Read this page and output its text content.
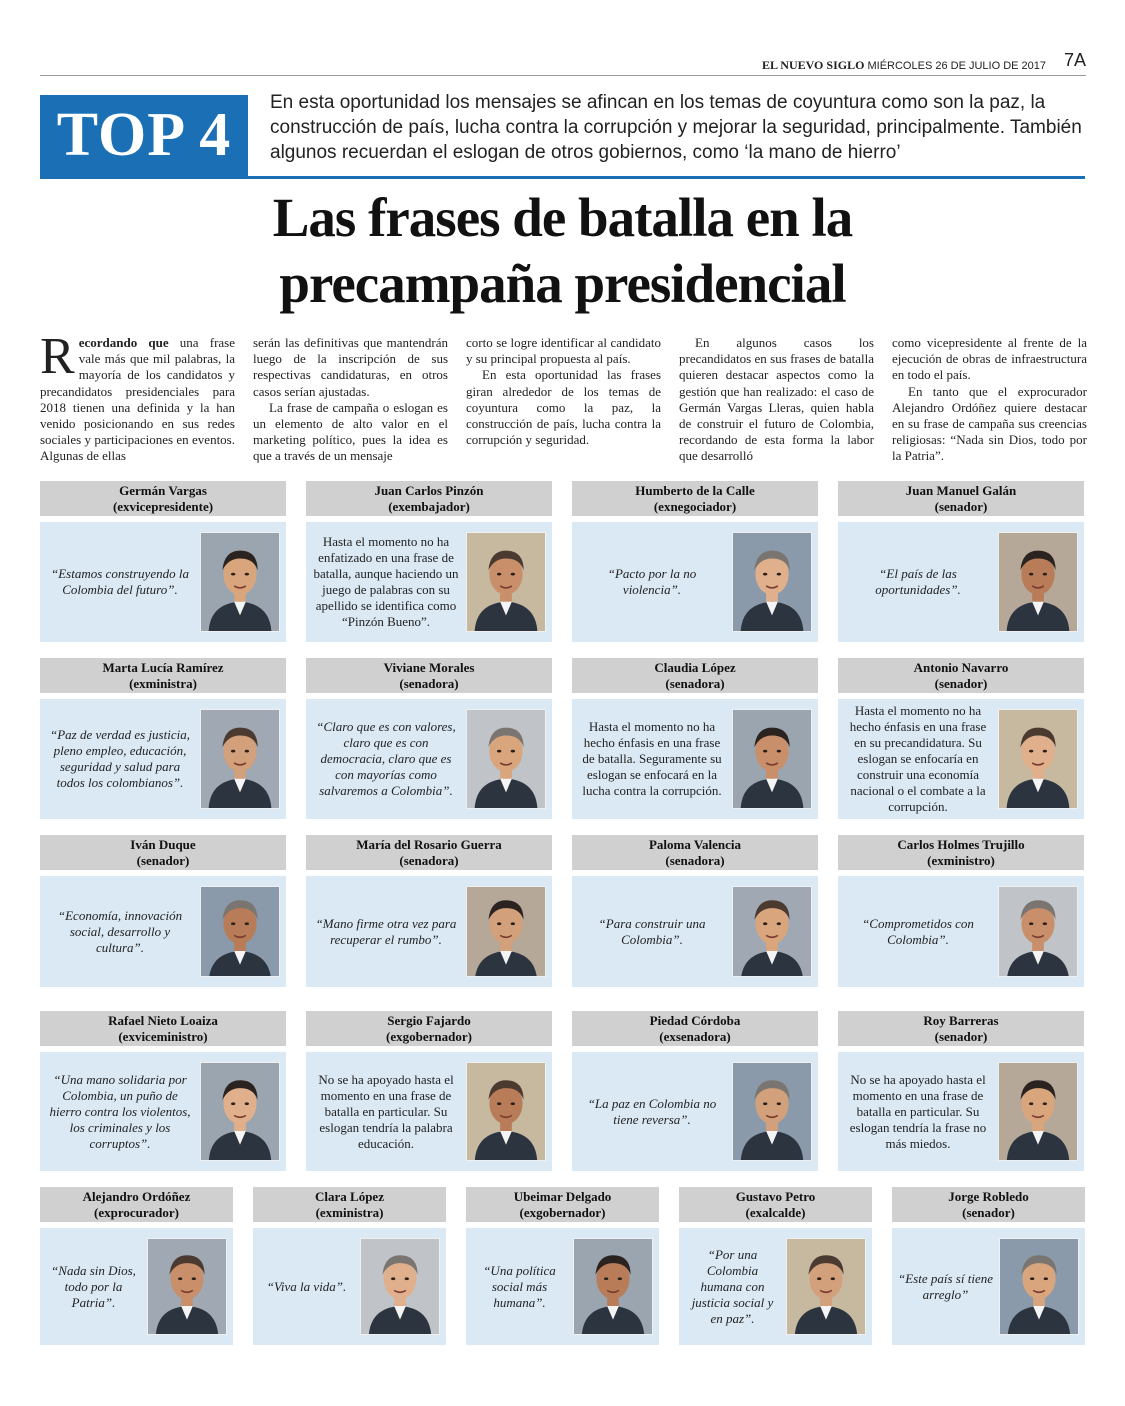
EL NUEVO SIGLO MIÉRCOLES 26 DE JULIO DE 2017 7A
TOP 4	En esta oportunidad los mensajes se afincan en los temas de coyuntura como son la paz, la construcción de país, lucha contra la corrupción y mejorar la seguridad, principalmente. También algunos recuerdan el eslogan de otros gobiernos, como ‘la mano de hierro’
Las frases de batalla en la
precampaña presidencial

Recordando que una frase vale más que mil palabras, la mayoría de los candidatos y precandidatos presidenciales para 2018 tienen una definida y la han venido posicionando en sus redes sociales y participaciones en eventos. Algunas de ellas

serán las definitivas que mantendrán luego de la inscripción de sus respectivas candidaturas, en otros casos serían ajustadas.

La frase de campaña o eslogan es un elemento de alto valor en el marketing político, pues la idea es que a través de un mensaje

corto se logre identificar al candidato y su principal propuesta al país.

En esta oportunidad las frases giran alrededor de los temas de coyuntura como la paz, la construcción de país, lucha contra la corrupción y seguridad.

En algunos casos los precandidatos en sus frases de batalla quieren destacar aspectos como la gestión que han realizado: el caso de Germán Vargas Lleras, quien habla de construir el futuro de Colombia, recordando de esta forma la labor que desarrolló

como vicepresidente al frente de la ejecución de obras de infraestructura en todo el país.

En tanto que el exprocurador Alejandro Ordóñez quiere destacar en su frase de campaña sus creencias religiosas: “Nada sin Dios, todo por la Patria”.

Germán Vargas
(exvicepresidente)
“Estamos construyendo la Colombia del futuro”.
Juan Carlos Pinzón
(exembajador)
Hasta el momento no ha enfatizado en una frase de batalla, aunque haciendo un juego de palabras con su apellido se identifica como “Pinzón Bueno”.
Humberto de la Calle
(exnegociador)
“Pacto por la no violencia”.
Juan Manuel Galán
(senador)
“El país de las oportunidades”.
Marta Lucía Ramírez
(exministra)
“Paz de verdad es justicia, pleno empleo, educación, seguridad y salud para todos los colombianos”.
Viviane Morales
(senadora)
“Claro que es con valores, claro que es con democracia, claro que es con mayorías como salvaremos a Colombia”.
Claudia López
(senadora)
Hasta el momento no ha hecho énfasis en una frase de batalla. Seguramente su eslogan se enfocará en la lucha contra la corrupción.
Antonio Navarro
(senador)
Hasta el momento no ha hecho énfasis en una frase en su precandidatura. Su eslogan se enfocaría en construir una economía nacional o el combate a la corrupción.
Iván Duque
(senador)
“Economía, innovación social, desarrollo y cultura”.
María del Rosario Guerra
(senadora)
“Mano firme otra vez para recuperar el rumbo”.
Paloma Valencia
(senadora)
“Para construir una Colombia”.
Carlos Holmes Trujillo
(exministro)
“Comprometidos con Colombia”.
Rafael Nieto Loaiza
(exviceministro)
“Una mano solidaria por Colombia, un puño de hierro contra los violentos, los criminales y los corruptos”.
Sergio Fajardo
(exgobernador)
No se ha apoyado hasta el momento en una frase de batalla en particular. Su eslogan tendría la palabra educación.
Piedad Córdoba
(exsenadora)
“La paz en Colombia no tiene reversa”.
Roy Barreras
(senador)
No se ha apoyado hasta el momento en una frase de batalla en particular. Su eslogan tendría la frase no más miedos.
Alejandro Ordóñez
(exprocurador)
“Nada sin Dios, todo por la Patria”.
Clara López
(exministra)
“Viva la vida”.
Ubeimar Delgado
(exgobernador)
“Una política social más humana”.
Gustavo Petro
(exalcalde)
“Por una Colombia humana con justicia social y en paz”.
Jorge Robledo
(senador)
“Este país sí tiene arreglo”
